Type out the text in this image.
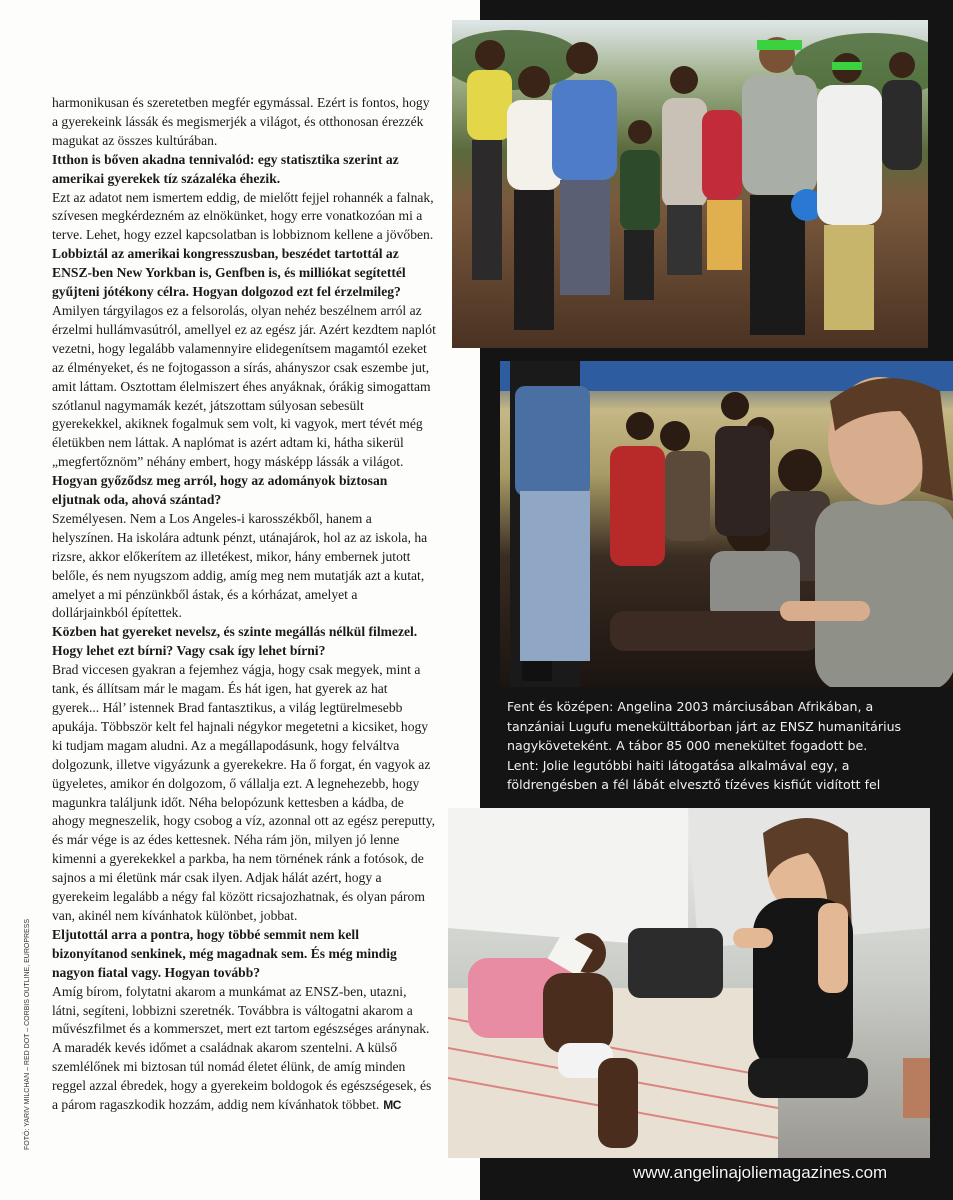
harmonikusan és szeretetben megfér egymással. Ezért is fontos, hogy a gyerekeink lássák és megismerjék a világot, és otthonosan érezzék magukat az összes kultúrában.

Itthon is bőven akadna tennivalód: egy statisztika szerint az amerikai gyerekek tíz százaléka éhezik.

Ezt az adatot nem ismertem eddig, de mielőtt fejjel rohannék a falnak, szívesen megkérdezném az elnökünket, hogy erre vonatkozóan mi a terve. Lehet, hogy ezzel kapcsolatban is lobbiznom kellene a jövőben.

Lobbiztál az amerikai kongresszusban, beszédet tartottál az ENSZ-ben New Yorkban is, Genfben is, és milliókat segítettél gyűjteni jótékony célra. Hogyan dolgozod ezt fel érzelmileg?

Amilyen tárgyilagos ez a felsorolás, olyan nehéz beszélnem arról az érzelmi hullámvasútról, amellyel ez az egész jár. Azért kezdtem naplót vezetni, hogy legalább valamennyire elidegenítsem magamtól ezeket az élményeket, és ne fojtogasson a sírás, ahányszor csak eszembe jut, amit láttam. Osztottam élelmiszert éhes anyáknak, órákig simogattam szótlanul nagymamák kezét, játszottam súlyosan sebesült gyerekekkel, akiknek fogalmuk sem volt, ki vagyok, mert tévét még életükben nem láttak. A naplómat is azért adtam ki, hátha sikerül „megfertőznöm” néhány embert, hogy másképp lássák a világot.

Hogyan győződsz meg arról, hogy az adományok biztosan eljutnak oda, ahová szántad?

Személyesen. Nem a Los Angeles-i karosszékből, hanem a helyszínen. Ha iskolára adtunk pénzt, utánajárok, hol az az iskola, ha rizsre, akkor előkerítem az illetékest, mikor, hány embernek jutott belőle, és nem nyugszom addig, amíg meg nem mutatják azt a kutat, amelyet a mi pénzünkből ástak, és a kórházat, amelyet a dollárjainkból építettek.

Közben hat gyereket nevelsz, és szinte megállás nélkül filmezel. Hogy lehet ezt bírni? Vagy csak így lehet bírni?

Brad viccesen gyakran a fejemhez vágja, hogy csak megyek, mint a tank, és állítsam már le magam. És hát igen, hat gyerek az hat gyerek... Hál’ istennek Brad fantasztikus, a világ legtürelmesebb apukája. Többször kelt fel hajnali négykor megetetni a kicsiket, hogy ki tudjam magam aludni. Az a megállapodásunk, hogy felváltva dolgozunk, illetve vigyázunk a gyerekekre. Ha ő forgat, én vagyok az ügyeletes, amikor én dolgozom, ő vállalja ezt. A legnehezebb, hogy magunkra találjunk időt. Néha belopózunk kettesben a kádba, de ahogy megneszelik, hogy csobog a víz, azonnal ott az egész pereputty, és már vége is az édes kettesnek. Néha rám jön, milyen jó lenne kimenni a gyerekekkel a parkba, ha nem törnének ránk a fotósok, de sajnos a mi életünk már csak ilyen. Adjak hálát azért, hogy a gyerekeim legalább a négy fal között ricsajozhatnak, és olyan párom van, akinél nem kívánhatok különbet, jobbat.

Eljutottál arra a pontra, hogy többé semmit nem kell bizonyítanod senkinek, még magadnak sem. És még mindig nagyon fiatal vagy. Hogyan tovább?

Amíg bírom, folytatni akarom a munkámat az ENSZ-ben, utazni, látni, segíteni, lobbizni szeretnék. Továbbra is váltogatni akarom a művészfilmet és a kommerszet, mert ezt tartom egészséges aránynak. A maradék kevés időmet a családnak akarom szentelni. A külső szemlélőnek mi biztosan túl nomád életet élünk, de amíg minden reggel azzal ébredek, hogy a gyerekeim boldogok és egészségesek, és a párom ragaszkodik hozzám, addig nem kívánhatok többet. MC

FOTÓ: YARIV MILCHAN – RED DOT – CORBIS OUTLINE, EUROPRESS

Fent és középen: Angelina 2003 márciusában Afrikában, a tanzániai Lugufu menekülttáborban járt az ENSZ humanitárius nagyköveteként. A tábor 85 000 menekültet fogadott be.

Lent: Jolie legutóbbi haiti látogatása alkalmával egy, a földrengésben a fél lábát elvesztő tízéves kisfiút vidított fel

www.angelinajoliemagazines.com
